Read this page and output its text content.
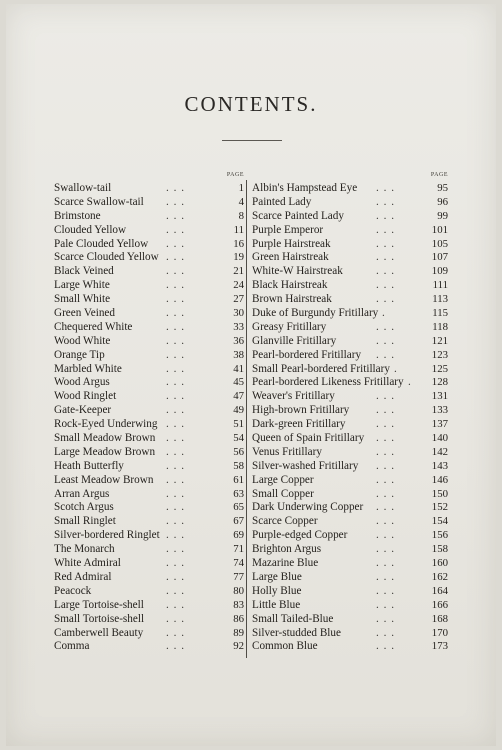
CONTENTS.
PAGE
Swallow-tail	. . .	1
Scarce Swallow-tail . . .	4
Brimstone	. . .	8
Clouded Yellow	. . .	11
Pale Clouded Yellow . . .	16
Scarce Clouded Yellow . . .	19
Black Veined	. . .	21
Large White	. . .	24
Small White	. . .	27
Green Veined	. . .	30
Chequered White	. . .	33
Wood White	. . .	36
Orange Tip	. . .	38
Marbled White	. . .	41
Wood Argus	. . .	45
Wood Ringlet	. . .	47
Gate-Keeper	. . .	49
Rock-Eyed Underwing . . .	51
Small Meadow Brown . . .	54
Large Meadow Brown . . .	56
Heath Butterfly	. . .	58
Least Meadow Brown . . .	61
Arran Argus	. . .	63
Scotch Argus	. . .	65
Small Ringlet	. . .	67
Silver-bordered Ringlet . . .	69
The Monarch	. . .	71
White Admiral	. . .	74
Red Admiral	. . .	77
Peacock	. . .	80
Large Tortoise-shell . . .	83
Small Tortoise-shell . . .	86
Camberwell Beauty . . .	89
Comma	. . .	92
PAGE
Albin's Hampstead Eye . . .	95
Painted Lady	. . .	96
Scarce Painted Lady	. . .	99
Purple Emperor	. . .	101
Purple Hairstreak	. . .	105
Green Hairstreak	. . .	107
White-W Hairstreak	. . .	109
Black Hairstreak	. . .	111
Brown Hairstreak	. . .	113
Duke of Burgundy Fritillary .	115
Greasy Fritillary	. . .	118
Glanville Fritillary	. . .	121
Pearl-bordered Fritillary . . .	123
Small Pearl-bordered Fritillary .	125
Pearl-bordered Likeness Fritillary . 128
Weaver's Fritillary	. . .	131
High-brown Fritillary . . .	133
Dark-green Fritillary	. . .	137
Queen of Spain Fritillary . . .	140
Venus Fritillary	. . .	142
Silver-washed Fritillary . . .	143
Large Copper	. . .	146
Small Copper	. . .	150
Dark Underwing Copper . . .	152
Scarce Copper	. . .	154
Purple-edged Copper	. . .	156
Brighton Argus	. . .	158
Mazarine Blue	. . .	160
Large Blue	. . .	162
Holly Blue	. . .	164
Little Blue	. . .	166
Small Tailed-Blue	. . .	168
Silver-studded Blue	. . .	170
Common Blue	. . .	173
